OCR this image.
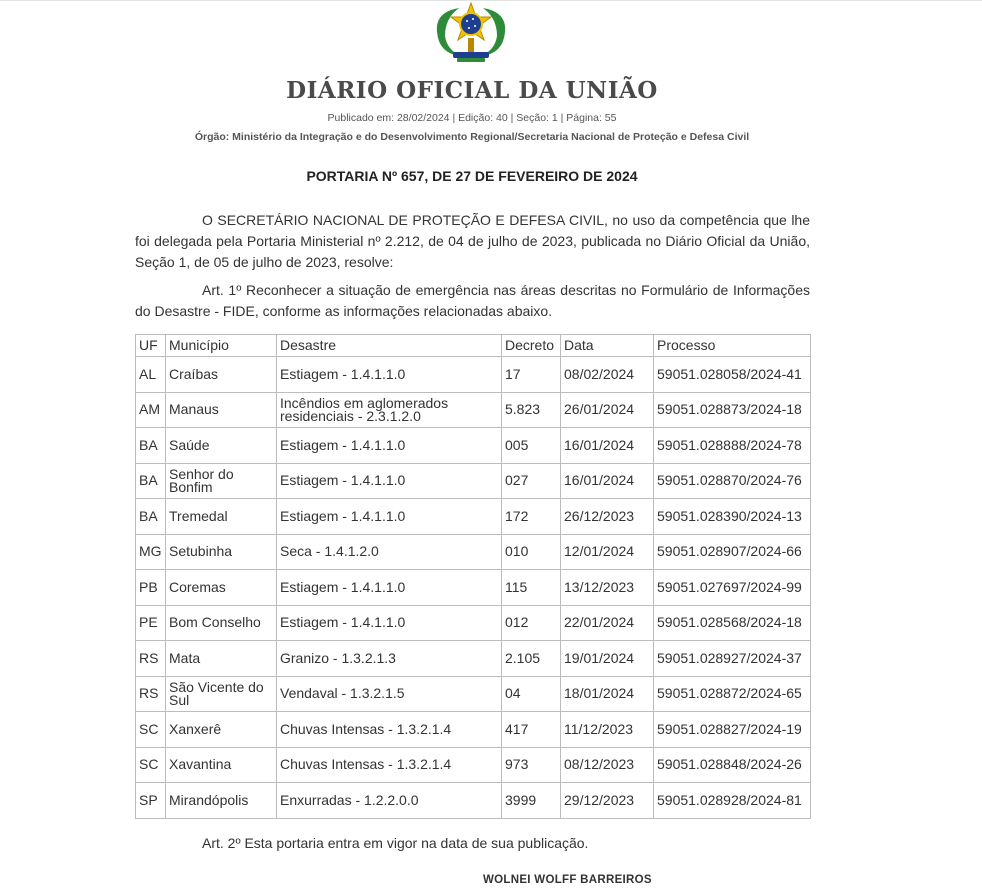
DIÁRIO OFICIAL DA UNIÃO
Publicado em: 28/02/2024 | Edição: 40 | Seção: 1 | Página: 55
Órgão: Ministério da Integração e do Desenvolvimento Regional/Secretaria Nacional de Proteção e Defesa Civil
PORTARIA Nº 657, DE 27 DE FEVEREIRO DE 2024

O SECRETÁRIO NACIONAL DE PROTEÇÃO E DEFESA CIVIL, no uso da competência que lhe foi delegada pela Portaria Ministerial nº 2.212, de 04 de julho de 2023, publicada no Diário Oficial da União, Seção 1, de 05 de julho de 2023, resolve:

Art. 1º Reconhecer a situação de emergência nas áreas descritas no Formulário de Informações do Desastre - FIDE, conforme as informações relacionadas abaixo.

UF	Município	Desastre	Decreto	Data	Processo
AL	Craíbas	Estiagem - 1.4.1.1.0	17	08/02/2024	59051.028058/2024-41
AM	Manaus	Incêndios em aglomerados residenciais - 2.3.1.2.0	5.823	26/01/2024	59051.028873/2024-18
BA	Saúde	Estiagem - 1.4.1.1.0	005	16/01/2024	59051.028888/2024-78
BA	Senhor do Bonfim	Estiagem - 1.4.1.1.0	027	16/01/2024	59051.028870/2024-76
BA	Tremedal	Estiagem - 1.4.1.1.0	172	26/12/2023	59051.028390/2024-13
MG	Setubinha	Seca - 1.4.1.2.0	010	12/01/2024	59051.028907/2024-66
PB	Coremas	Estiagem - 1.4.1.1.0	115	13/12/2023	59051.027697/2024-99
PE	Bom Conselho	Estiagem - 1.4.1.1.0	012	22/01/2024	59051.028568/2024-18
RS	Mata	Granizo - 1.3.2.1.3	2.105	19/01/2024	59051.028927/2024-37
RS	São Vicente do Sul	Vendaval - 1.3.2.1.5	04	18/01/2024	59051.028872/2024-65
SC	Xanxerê	Chuvas Intensas - 1.3.2.1.4	417	11/12/2023	59051.028827/2024-19
SC	Xavantina	Chuvas Intensas - 1.3.2.1.4	973	08/12/2023	59051.028848/2024-26
SP	Mirandópolis	Enxurradas - 1.2.2.0.0	3999	29/12/2023	59051.028928/2024-81

Art. 2º Esta portaria entra em vigor na data de sua publicação.

WOLNEI WOLFF BARREIROS
